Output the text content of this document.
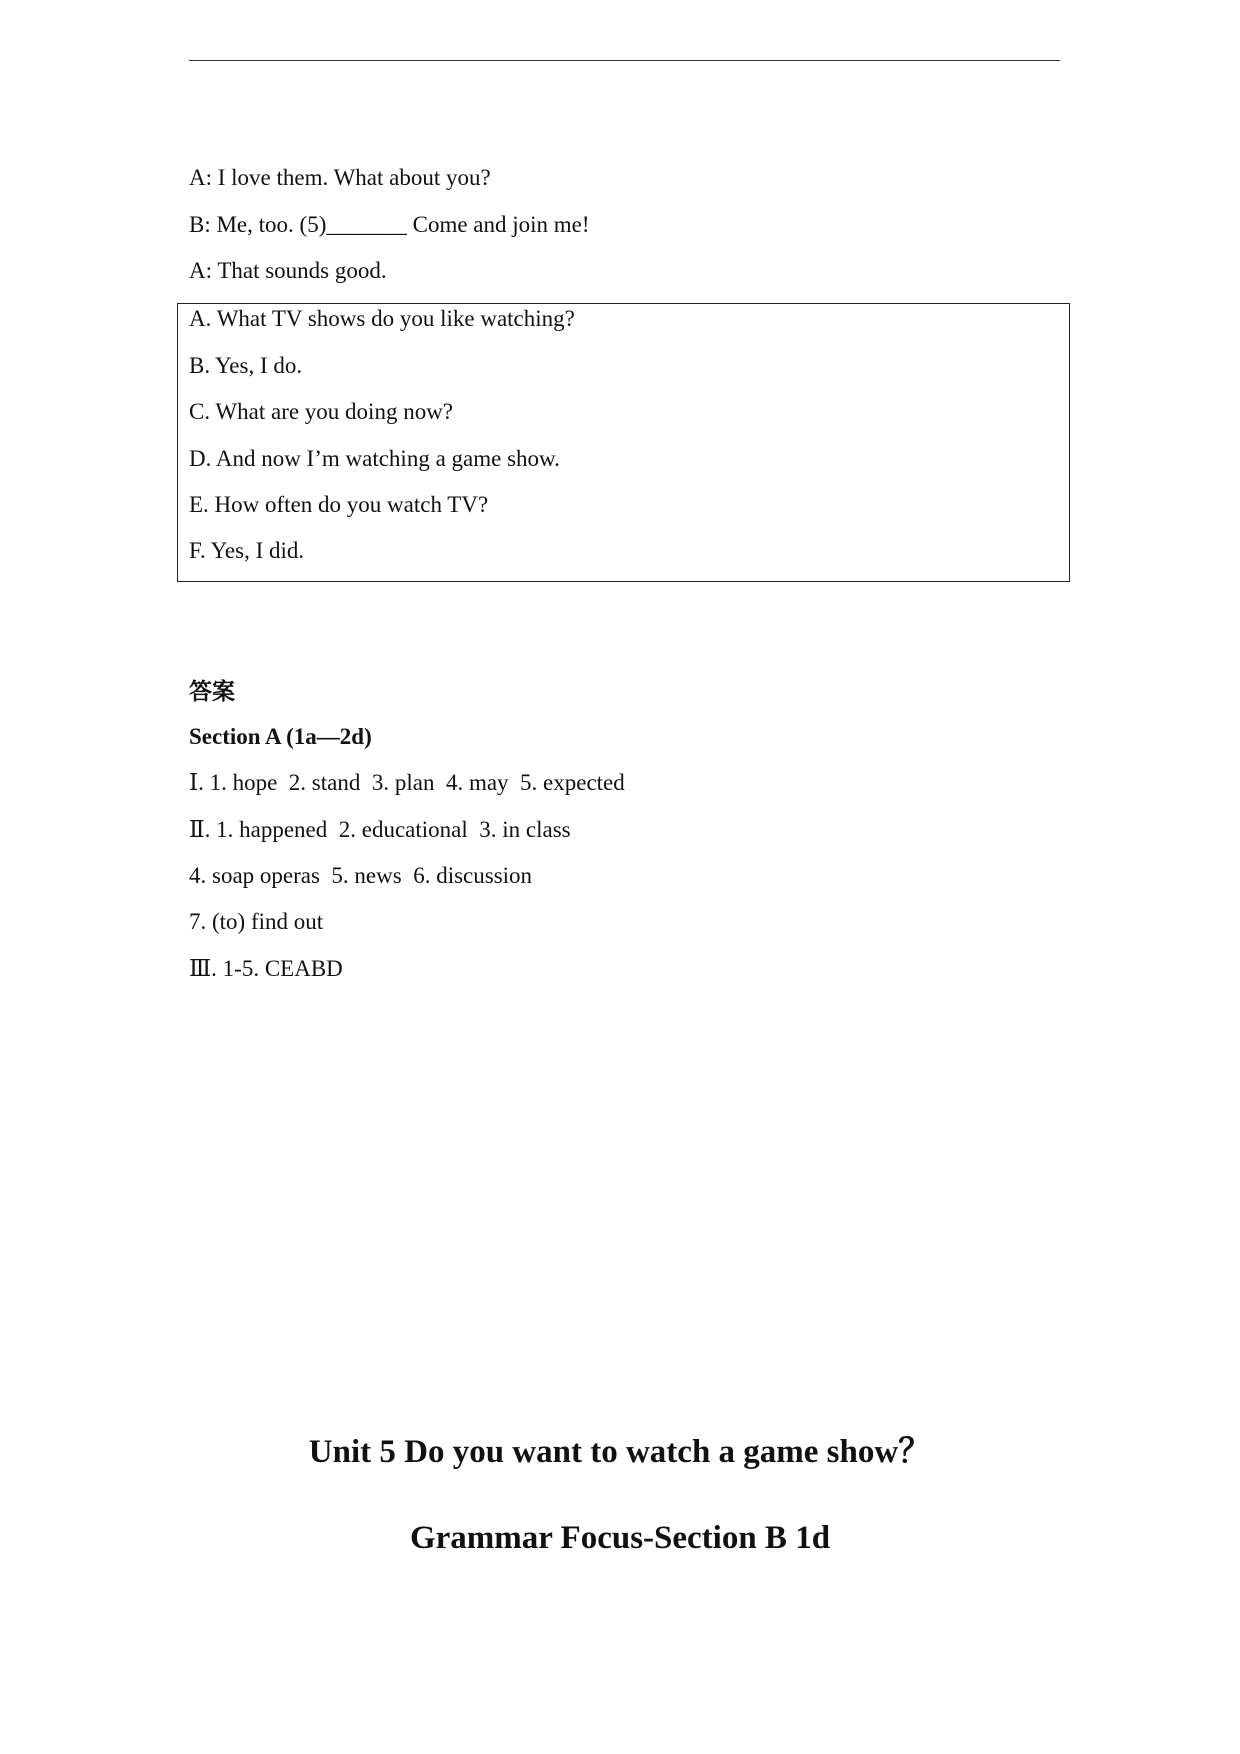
A: I love them. What about you?
B: Me, too. (5)_______ Come and join me!
A: That sounds good.
A. What TV shows do you like watching?
B. Yes, I do.
C. What are you doing now?
D. And now I’m watching a game show.
E. How often do you watch TV?
F. Yes, I did.
答案
Section A (1a—2d)
Ⅰ. 1. hope  2. stand  3. plan  4. may  5. expected
Ⅱ. 1. happened  2. educational  3. in class
4. soap operas  5. news  6. discussion
7. (to) find out
Ⅲ. 1-5. CEABD
Unit 5 Do you want to watch a game show？
Grammar Focus-Section B 1d
